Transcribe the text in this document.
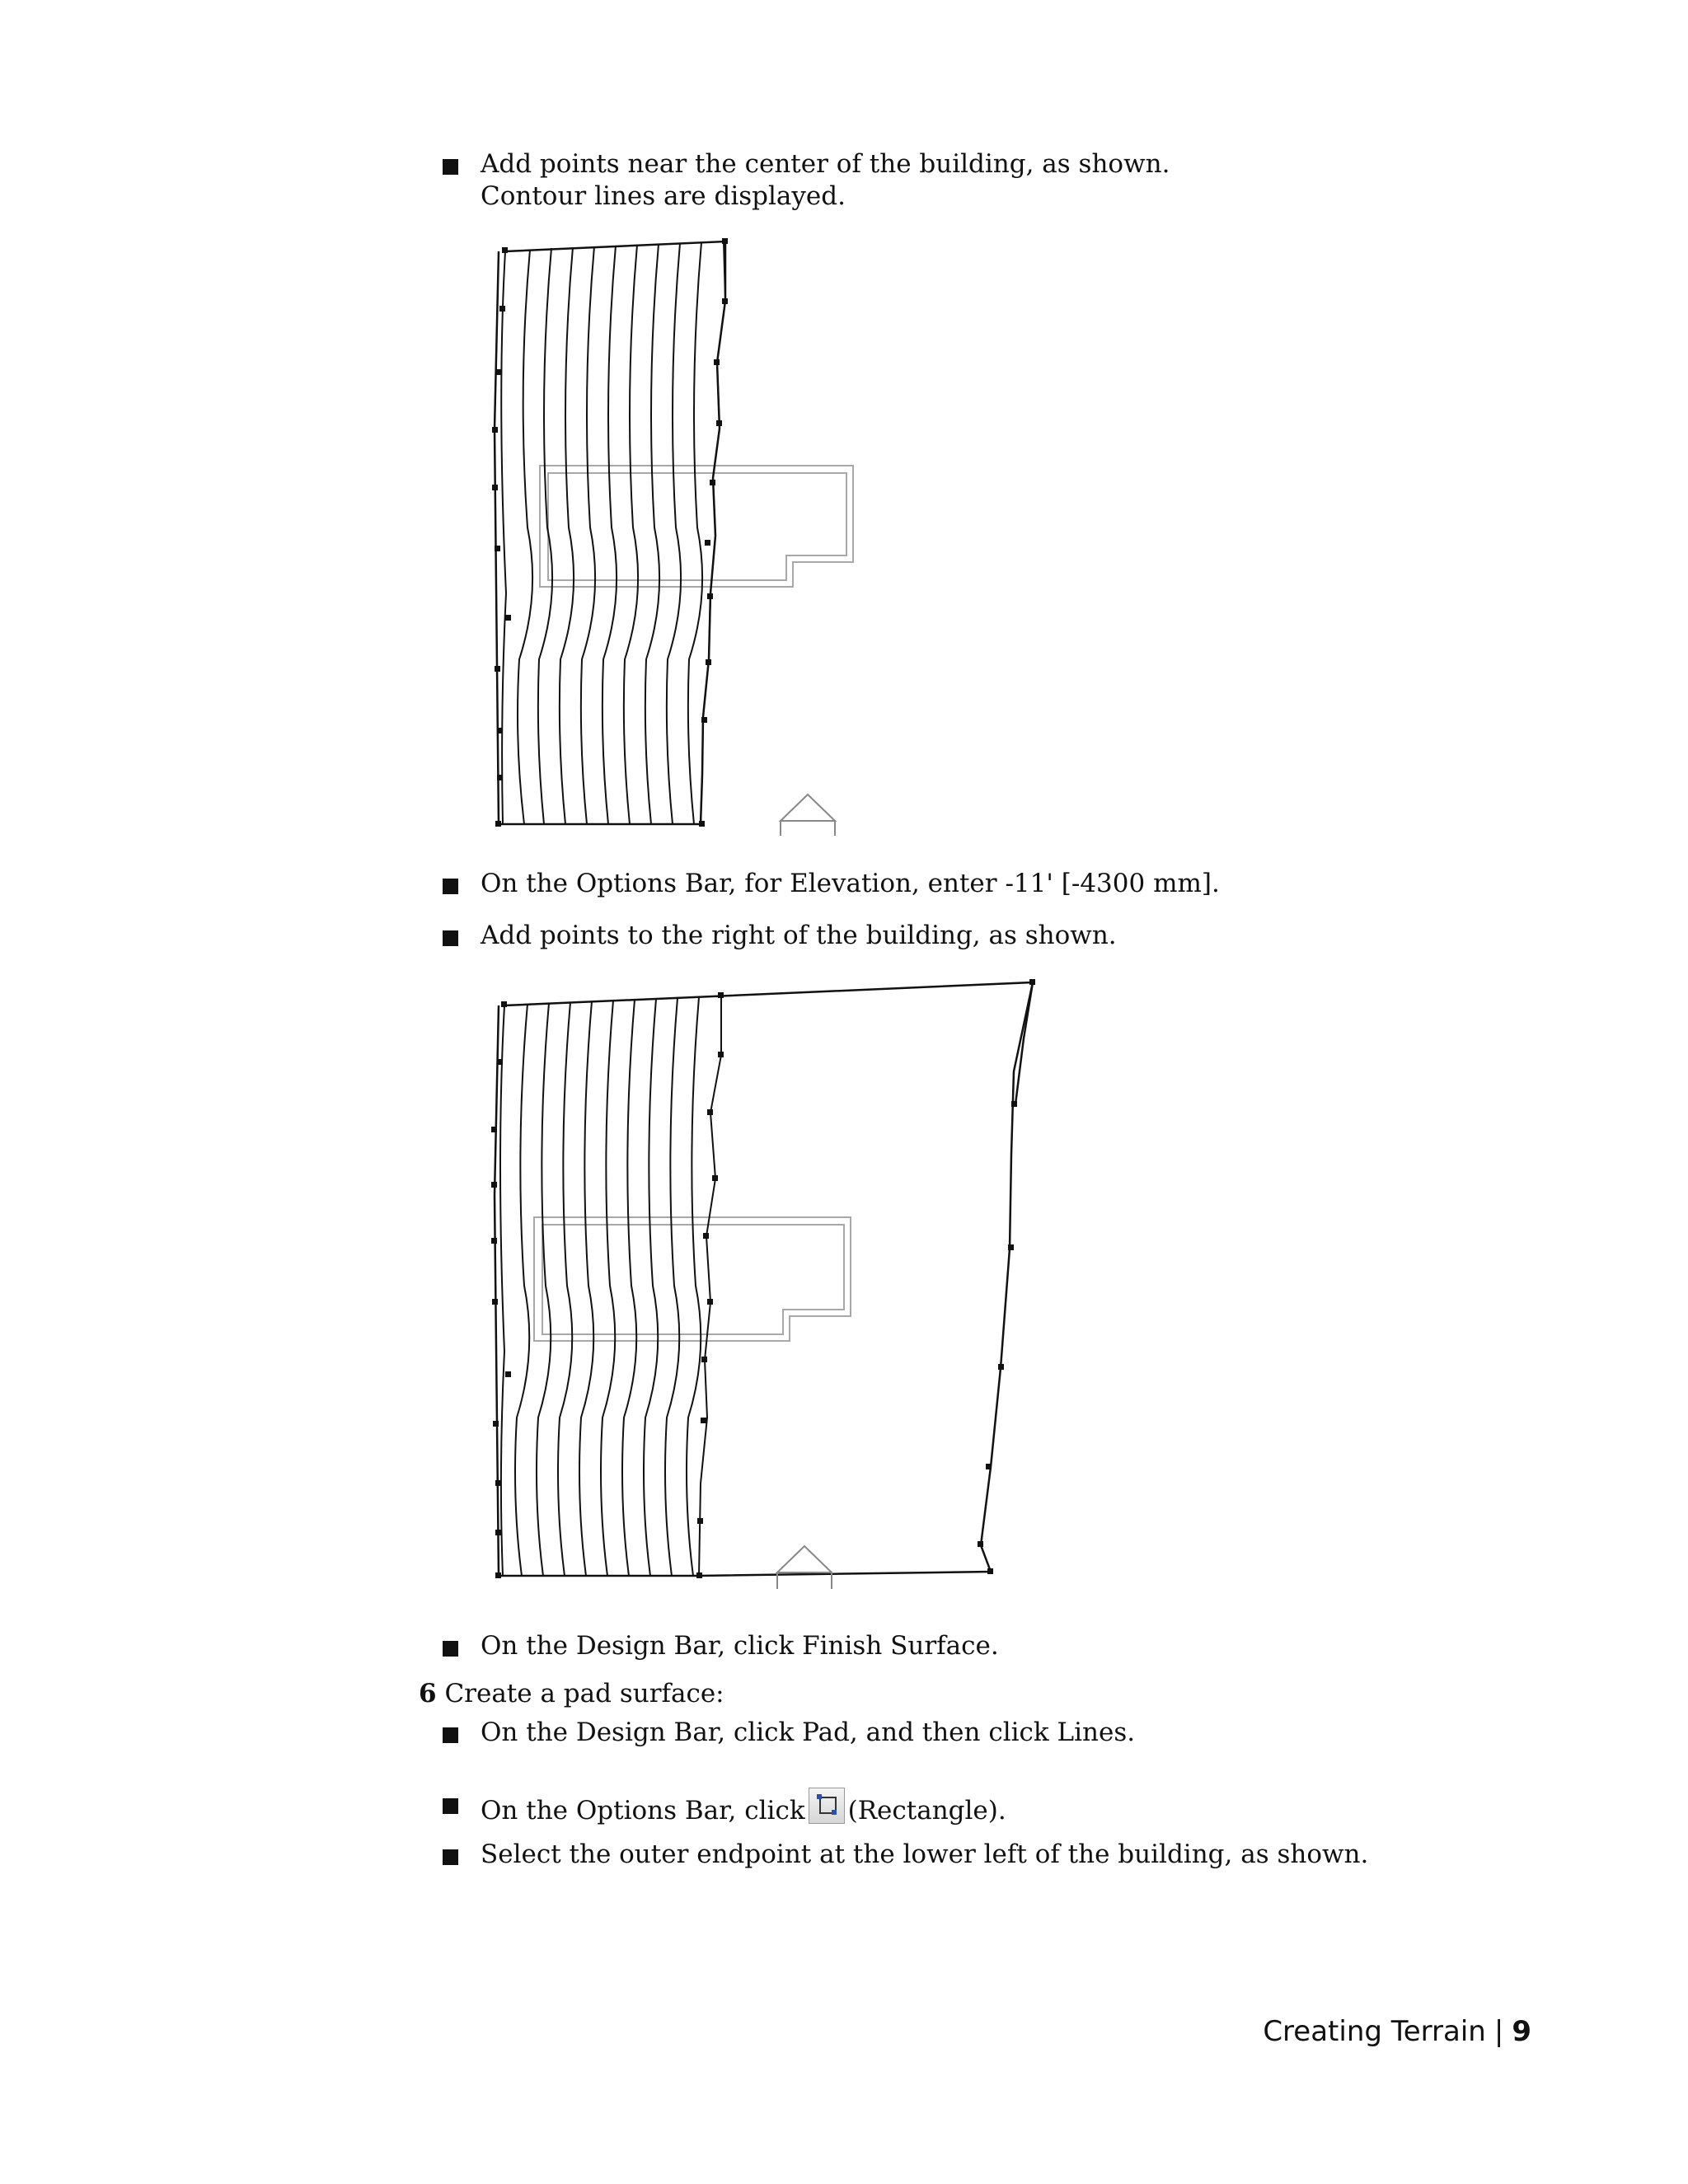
Add points near the center of the building, as shown.
Contour lines are displayed.
On the Options Bar, for Elevation, enter -11' [-4300 mm].
Add points to the right of the building, as shown.
On the Design Bar, click Finish Surface.
6 Create a pad surface:
On the Design Bar, click Pad, and then click Lines.
On the Options Bar, click (Rectangle).
Select the outer endpoint at the lower left of the building, as shown.
Creating Terrain | 9
